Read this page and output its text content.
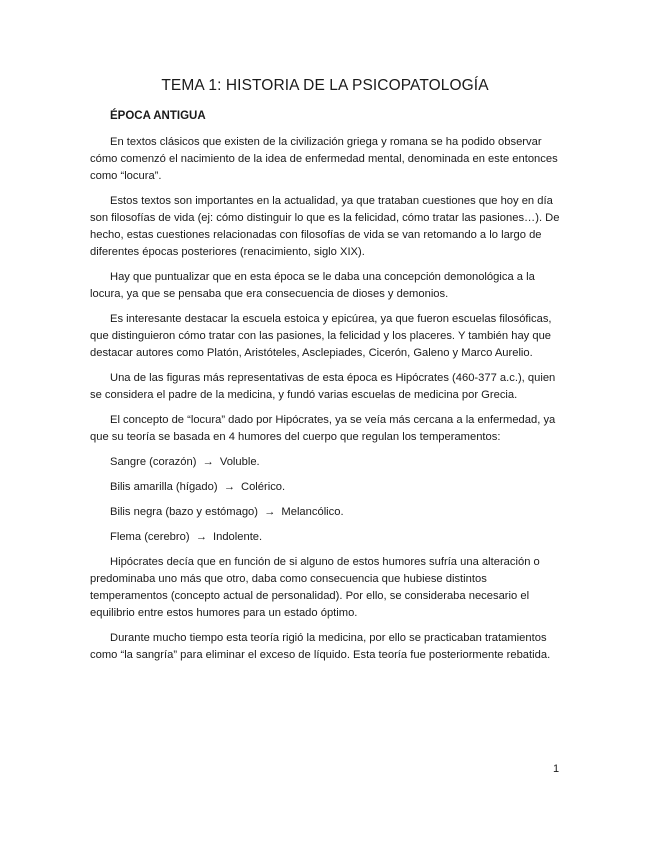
TEMA 1: HISTORIA DE LA PSICOPATOLOGÍA
ÉPOCA ANTIGUA

En textos clásicos que existen de la civilización griega y romana se ha podido observar cómo comenzó el nacimiento de la idea de enfermedad mental, denominada en este entonces como “locura”.

Estos textos son importantes en la actualidad, ya que trataban cuestiones que hoy en día son filosofías de vida (ej: cómo distinguir lo que es la felicidad, cómo tratar las pasiones…). De hecho, estas cuestiones relacionadas con filosofías de vida se van retomando a lo largo de diferentes épocas posteriores (renacimiento, siglo XIX).

Hay que puntualizar que en esta época se le daba una concepción demonológica a la locura, ya que se pensaba que era consecuencia de dioses y demonios.

Es interesante destacar la escuela estoica y epicúrea, ya que fueron escuelas filosóficas, que distinguieron cómo tratar con las pasiones, la felicidad y los placeres. Y también hay que destacar autores como Platón, Aristóteles, Asclepiades, Cicerón, Galeno y Marco Aurelio.

Una de las figuras más representativas de esta época es Hipócrates (460-377 a.c.), quien se considera el padre de la medicina, y fundó varias escuelas de medicina por Grecia.

El concepto de “locura” dado por Hipócrates, ya se veía más cercana a la enfermedad, ya que su teoría se basada en 4 humores del cuerpo que regulan los temperamentos:

Sangre (corazón) → Voluble.
Bilis amarilla (hígado) → Colérico.
Bilis negra (bazo y estómago) → Melancólico.
Flema (cerebro) → Indolente.

Hipócrates decía que en función de si alguno de estos humores sufría una alteración o predominaba uno más que otro, daba como consecuencia que hubiese distintos temperamentos (concepto actual de personalidad). Por ello, se consideraba necesario el equilibrio entre estos humores para un estado óptimo.

Durante mucho tiempo esta teoría rigió la medicina, por ello se practicaban tratamientos como “la sangría” para eliminar el exceso de líquido. Esta teoría fue posteriormente rebatida.

1
